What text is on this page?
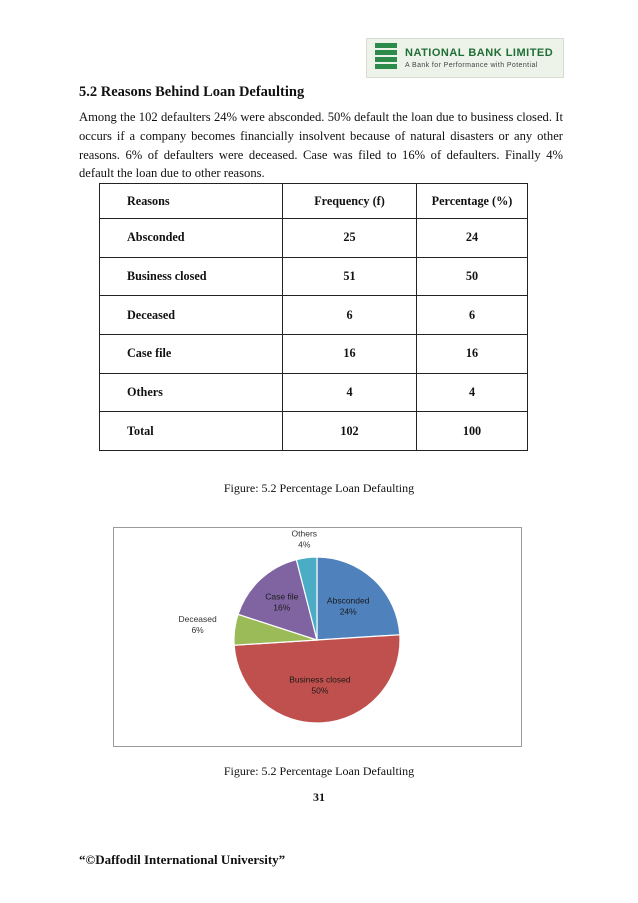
NATIONAL BANK LIMITED
A Bank for Performance with Potential
5.2 Reasons Behind Loan Defaulting

Among the 102 defaulters 24% were absconded. 50% default the loan due to business closed. It occurs if a company becomes financially insolvent because of natural disasters or any other reasons. 6% of defaulters were deceased. Case was filed to 16% of defaulters. Finally 4% default the loan due to other reasons.

Reasons	Frequency (f)	Percentage (%)
Absconded	25	24
Business closed	51	50
Deceased	6	6
Case file	16	16
Others	4	4
Total	102	100
Figure: 5.2 Percentage Loan Defaulting
Absconded 24%
Business closed 50%
Deceased 6%
Case file 16%
Others 4%
Figure: 5.2 Percentage Loan Defaulting
31
“©Daffodil International University”
